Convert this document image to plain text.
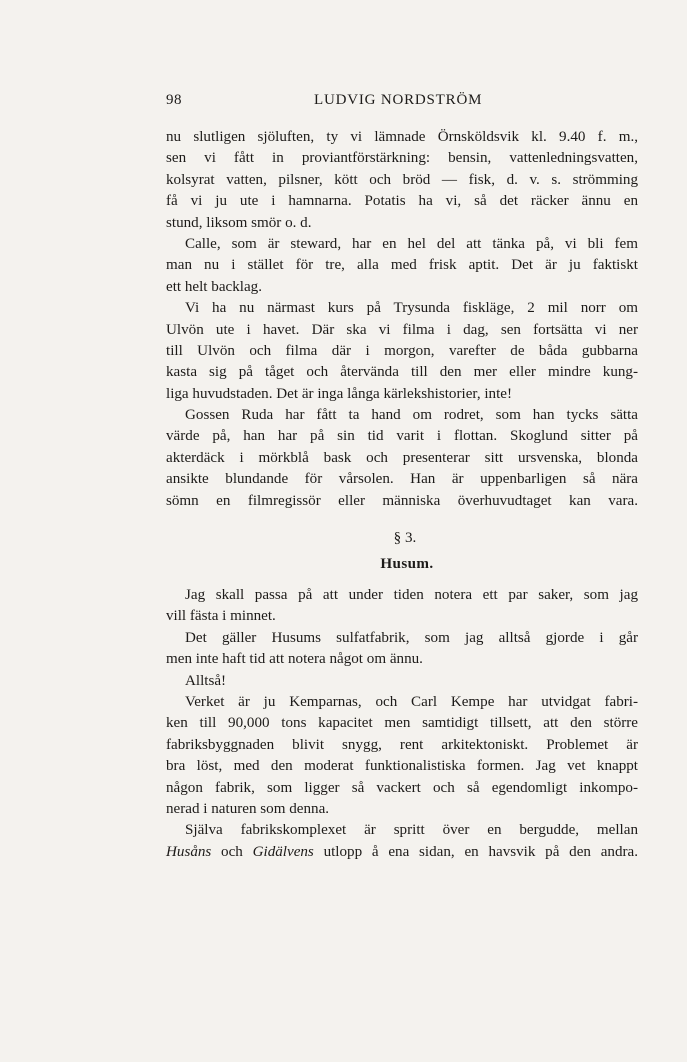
98	LUDVIG NORDSTRÖM
nu slutligen sjöluften, ty vi lämnade Örnsköldsvik kl. 9.40 f. m.,
sen vi fått in proviantförstärkning: bensin, vattenledningsvatten,
kolsyrat vatten, pilsner, kött och bröd — fisk, d. v. s. strömming
få vi ju ute i hamnarna. Potatis ha vi, så det räcker ännu en
stund, liksom smör o. d.
Calle, som är steward, har en hel del att tänka på, vi bli fem
man nu i stället för tre, alla med frisk aptit. Det är ju faktiskt
ett helt backlag.
Vi ha nu närmast kurs på Trysunda fiskläge, 2 mil norr om
Ulvön ute i havet. Där ska vi filma i dag, sen fortsätta vi ner
till Ulvön och filma där i morgon, varefter de båda gubbarna
kasta sig på tåget och återvända till den mer eller mindre kung-
liga huvudstaden. Det är inga långa kärlekshistorier, inte!
Gossen Ruda har fått ta hand om rodret, som han tycks sätta
värde på, han har på sin tid varit i flottan. Skoglund sitter på
akterdäck i mörkblå bask och presenterar sitt ursvenska, blonda
ansikte blundande för vårsolen. Han är uppenbarligen så nära
sömn en filmregissör eller människa överhuvudtaget kan vara.
§ 3.
Husum.
Jag skall passa på att under tiden notera ett par saker, som jag
vill fästa i minnet.
Det gäller Husums sulfatfabrik, som jag alltså gjorde i går
men inte haft tid att notera något om ännu.
Alltså!
Verket är ju Kemparnas, och Carl Kempe har utvidgat fabri-
ken till 90,000 tons kapacitet men samtidigt tillsett, att den större
fabriksbyggnaden blivit snygg, rent arkitektoniskt. Problemet är
bra löst, med den moderat funktionalistiska formen. Jag vet knappt
någon fabrik, som ligger så vackert och så egendomligt inkompo-
nerad i naturen som denna.
Själva fabrikskomplexet är spritt över en bergudde, mellan
Husåns och Gidälvens utlopp å ena sidan, en havsvik på den andra.
